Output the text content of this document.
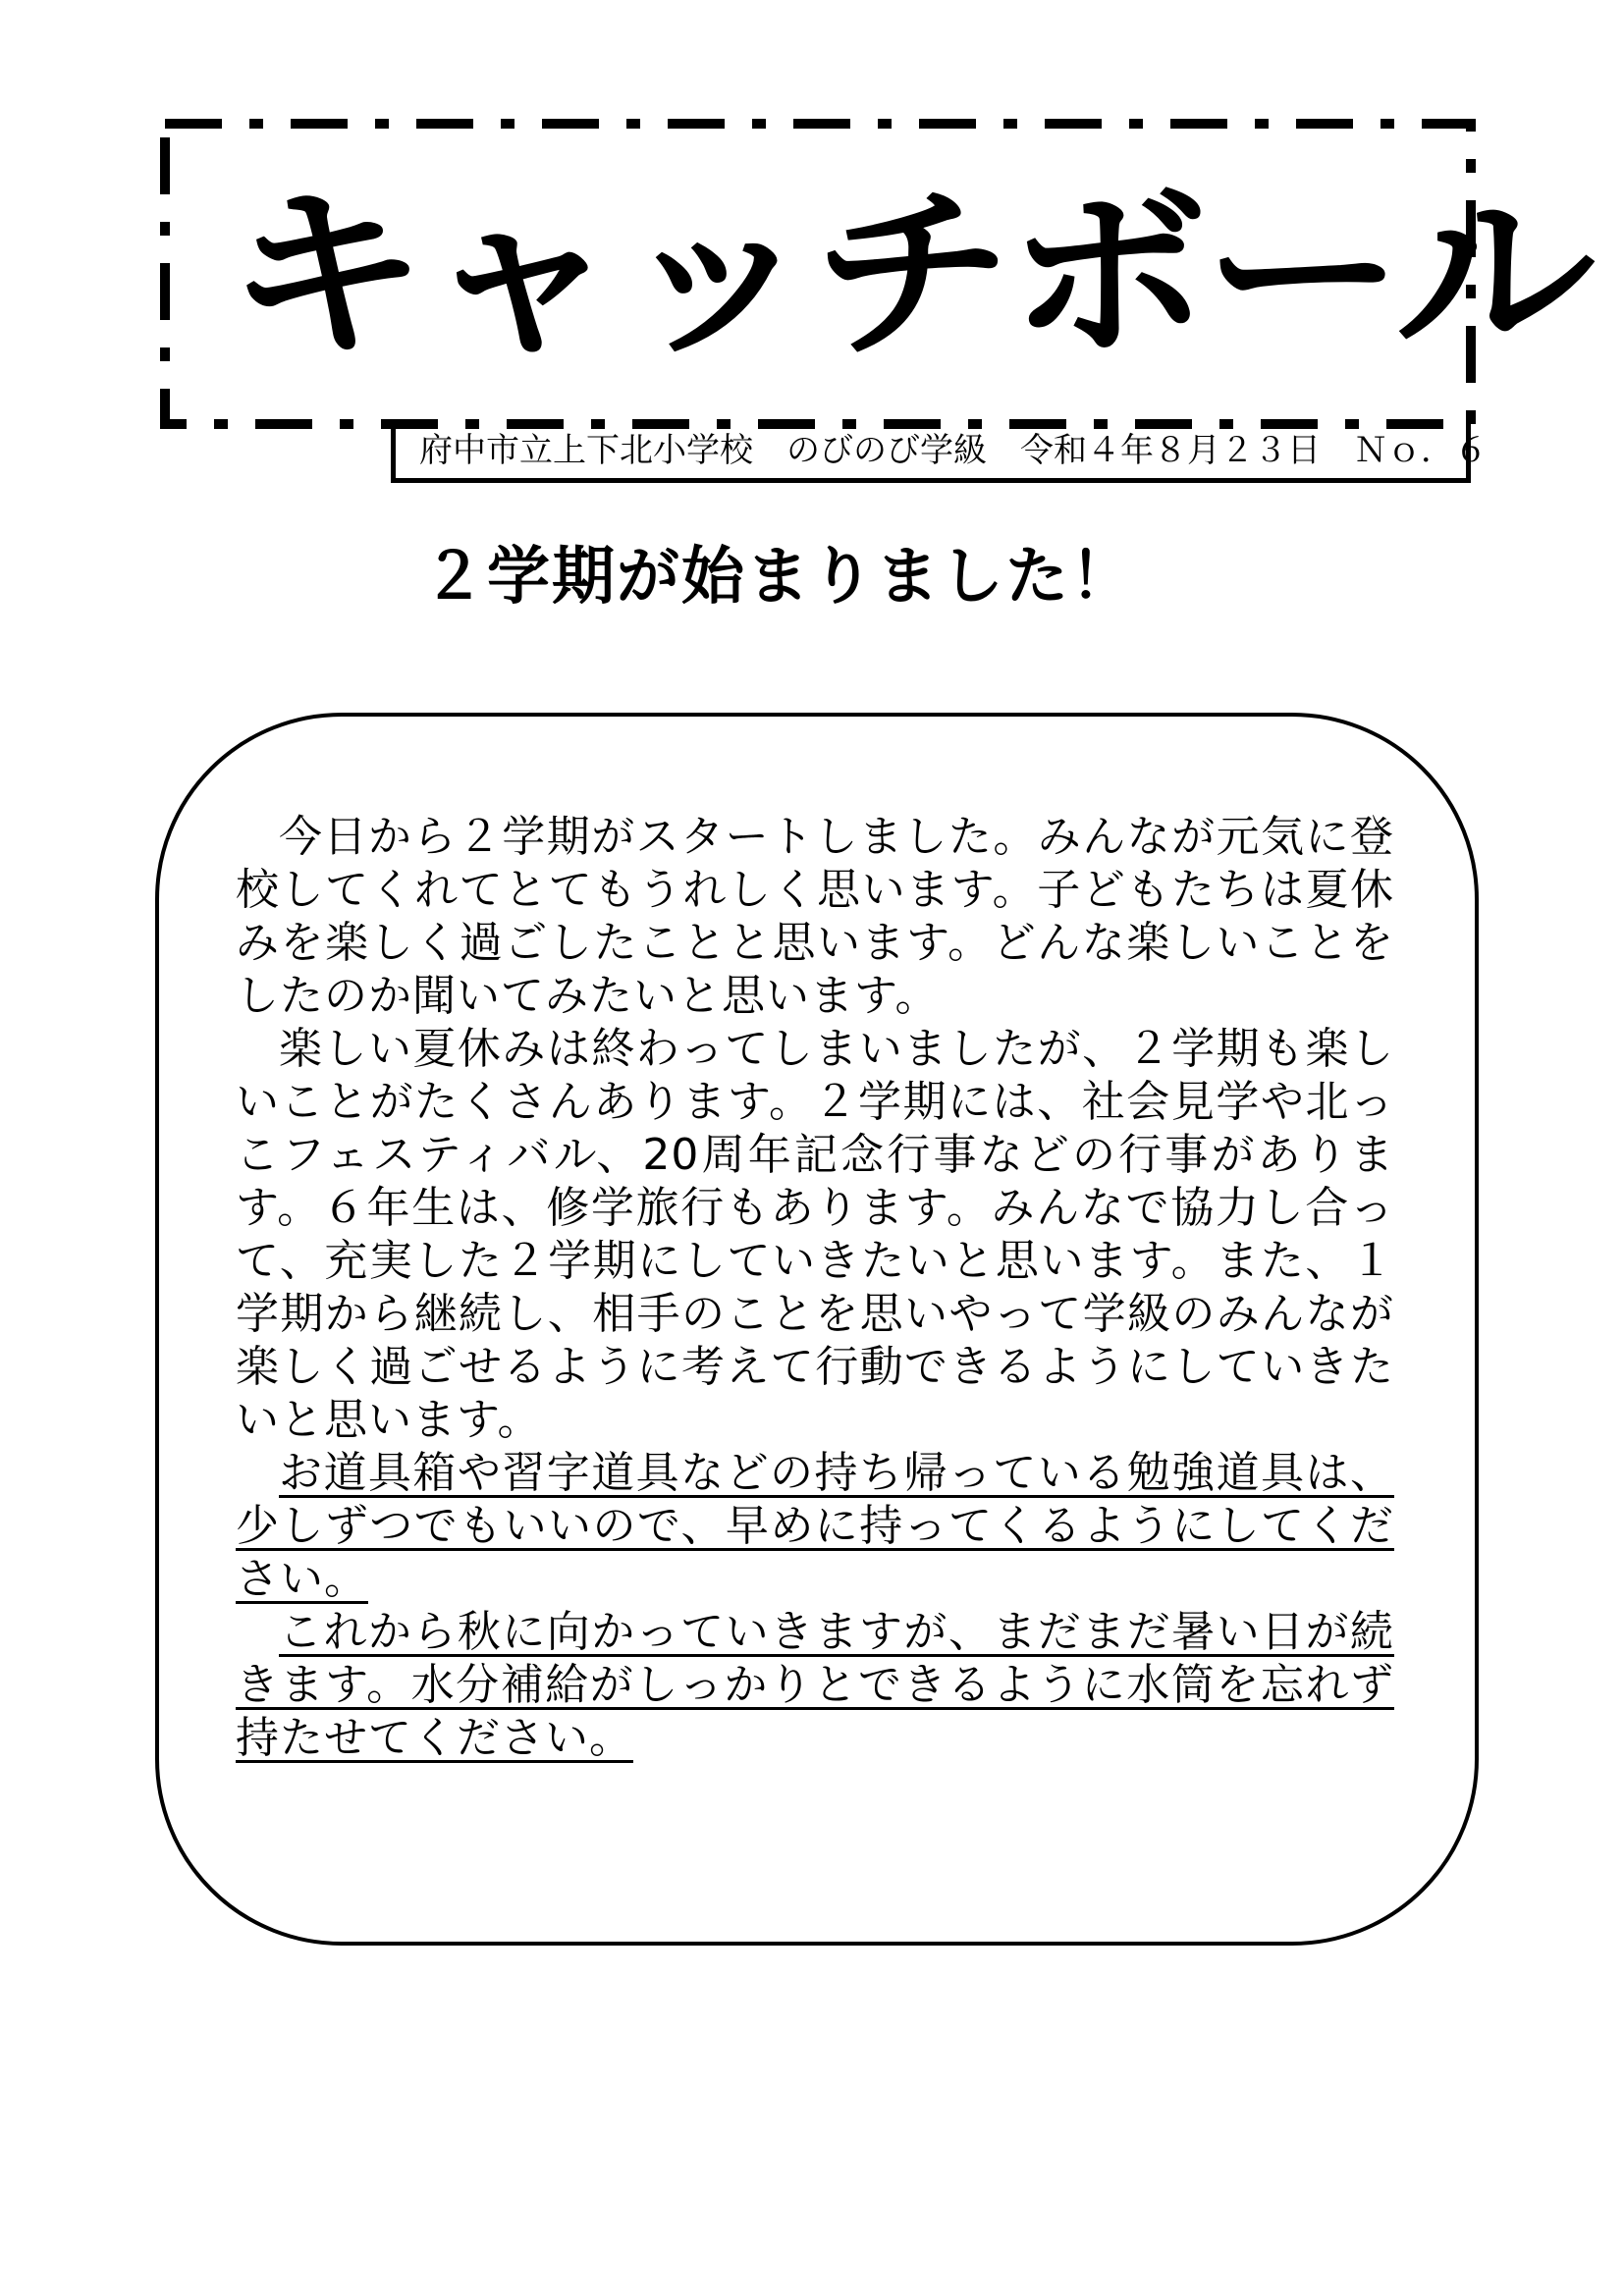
キャッチボール
府中市立上下北小学校　のびのび学級　令和４年８月２３日　Ｎｏ．６
２学期が始まりました！

今日から２学期がスタートしました。みんなが元気に登校してくれてとてもうれしく思います。子どもたちは夏休みを楽しく過ごしたことと思います。どんな楽しいことをしたのか聞いてみたいと思います。

楽しい夏休みは終わってしまいましたが、２学期も楽しいことがたくさんあります。２学期には、社会見学や北っこフェスティバル、20周年記念行事などの行事があります。６年生は、修学旅行もあります。みんなで協力し合って、充実した２学期にしていきたいと思います。また、１学期から継続し、相手のことを思いやって学級のみんなが楽しく過ごせるように考えて行動できるようにしていきたいと思います。

お道具箱や習字道具などの持ち帰っている勉強道具は、少しずつでもいいので、早めに持ってくるようにしてください。

これから秋に向かっていきますが、まだまだ暑い日が続きます。水分補給がしっかりとできるように水筒を忘れず持たせてください。
